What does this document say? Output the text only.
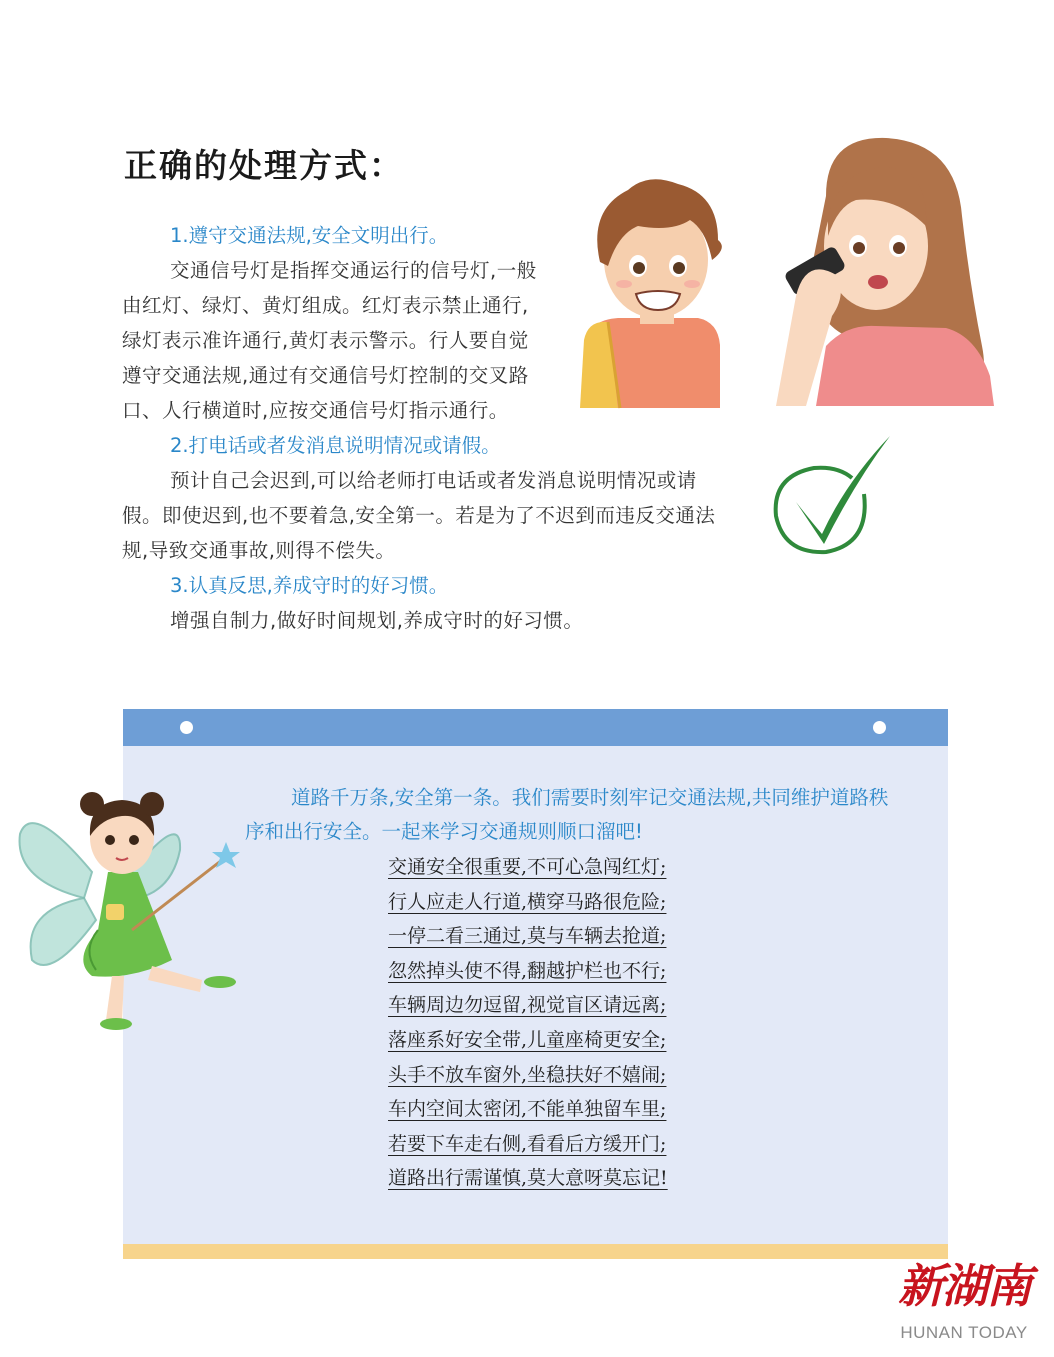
正确的处理方式：
1.遵守交通法规,安全文明出行。

交通信号灯是指挥交通运行的信号灯,一般由红灯、绿灯、黄灯组成。红灯表示禁止通行,绿灯表示准许通行,黄灯表示警示。行人要自觉遵守交通法规,通过有交通信号灯控制的交叉路口、人行横道时,应按交通信号灯指示通行。

2.打电话或者发消息说明情况或请假。

预计自己会迟到,可以给老师打电话或者发消息说明情况或请假。即使迟到,也不要着急,安全第一。若是为了不迟到而违反交通法规,导致交通事故,则得不偿失。

3.认真反思,养成守时的好习惯。

增强自制力,做好时间规划,养成守时的好习惯。

道路千万条,安全第一条。我们需要时刻牢记交通法规,共同维护道路秩序和出行安全。一起来学习交通规则顺口溜吧!

交通安全很重要,不可心急闯红灯;
行人应走人行道,横穿马路很危险;
一停二看三通过,莫与车辆去抢道;
忽然掉头使不得,翻越护栏也不行;
车辆周边勿逗留,视觉盲区请远离;
落座系好安全带,儿童座椅更安全;
头手不放车窗外,坐稳扶好不嬉闹;
车内空间太密闭,不能单独留车里;
若要下车走右侧,看看后方缓开门;
道路出行需谨慎,莫大意呀莫忘记!
新湖南
HUNAN TODAY
